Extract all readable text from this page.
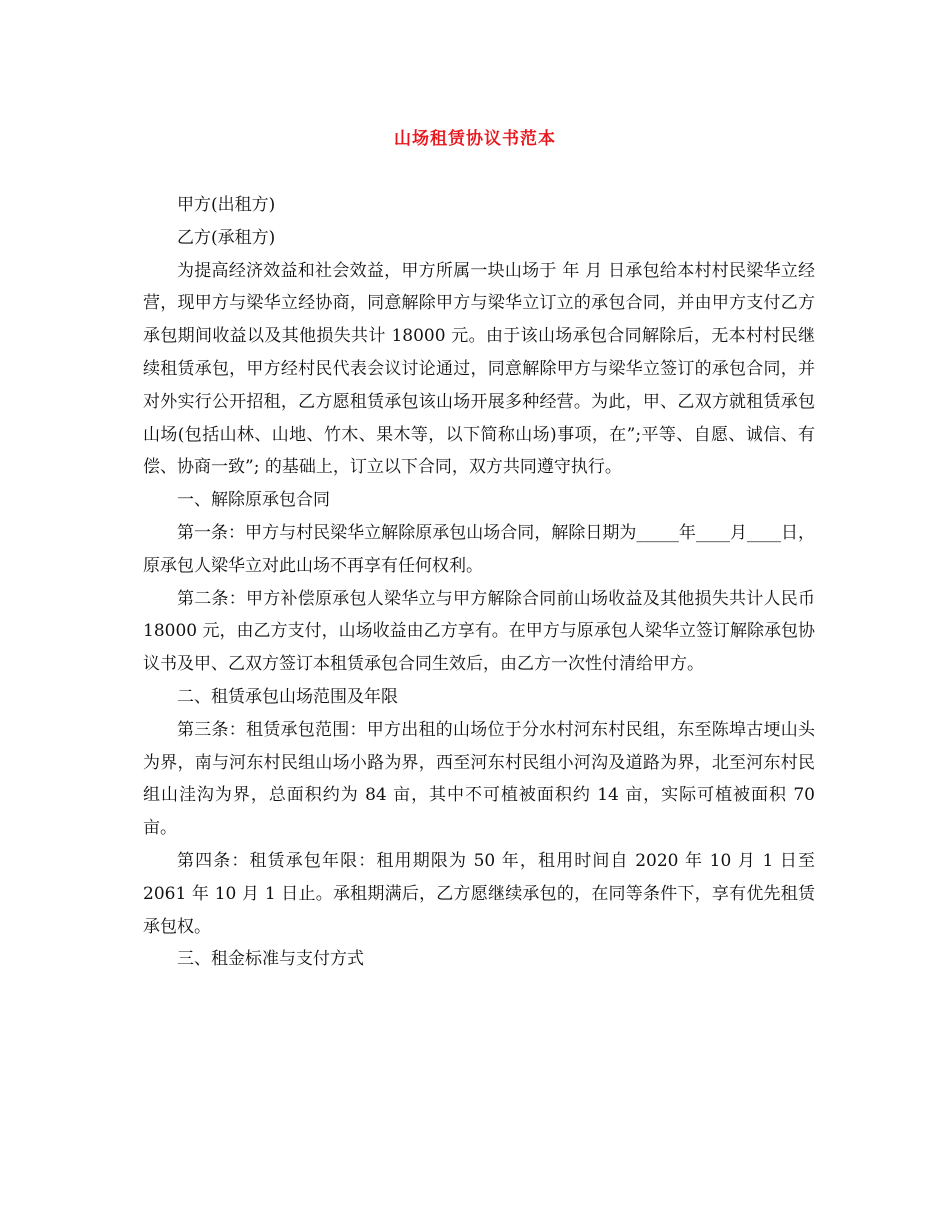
山场租赁协议书范本

甲方(出租方)

乙方(承租方)

为提高经济效益和社会效益，甲方所属一块山场于 年 月 日承包给本村村民梁华立经营，现甲方与梁华立经协商，同意解除甲方与梁华立订立的承包合同，并由甲方支付乙方承包期间收益以及其他损失共计 18000 元。由于该山场承包合同解除后，无本村村民继续租赁承包，甲方经村民代表会议讨论通过，同意解除甲方与梁华立签订的承包合同，并对外实行公开招租，乙方愿租赁承包该山场开展多种经营。为此，甲、乙双方就租赁承包山场(包括山林、山地、竹木、果木等，以下简称山场)事项，在”;平等、自愿、诚信、有偿、协商一致”; 的基础上，订立以下合同，双方共同遵守执行。

一、解除原承包合同

第一条：甲方与村民梁华立解除原承包山场合同，解除日期为_____年____月____日，原承包人梁华立对此山场不再享有任何权利。

第二条：甲方补偿原承包人梁华立与甲方解除合同前山场收益及其他损失共计人民币 18000 元，由乙方支付，山场收益由乙方享有。在甲方与原承包人梁华立签订解除承包协议书及甲、乙双方签订本租赁承包合同生效后，由乙方一次性付清给甲方。

二、租赁承包山场范围及年限

第三条：租赁承包范围：甲方出租的山场位于分水村河东村民组，东至陈埠古埂山头为界，南与河东村民组山场小路为界，西至河东村民组小河沟及道路为界，北至河东村民组山洼沟为界，总面积约为 84 亩，其中不可植被面积约 14 亩，实际可植被面积 70 亩。

第四条：租赁承包年限：租用期限为 50 年，租用时间自 2020 年 10 月 1 日至 2061 年 10 月 1 日止。承租期满后，乙方愿继续承包的，在同等条件下，享有优先租赁承包权。

三、租金标准与支付方式
